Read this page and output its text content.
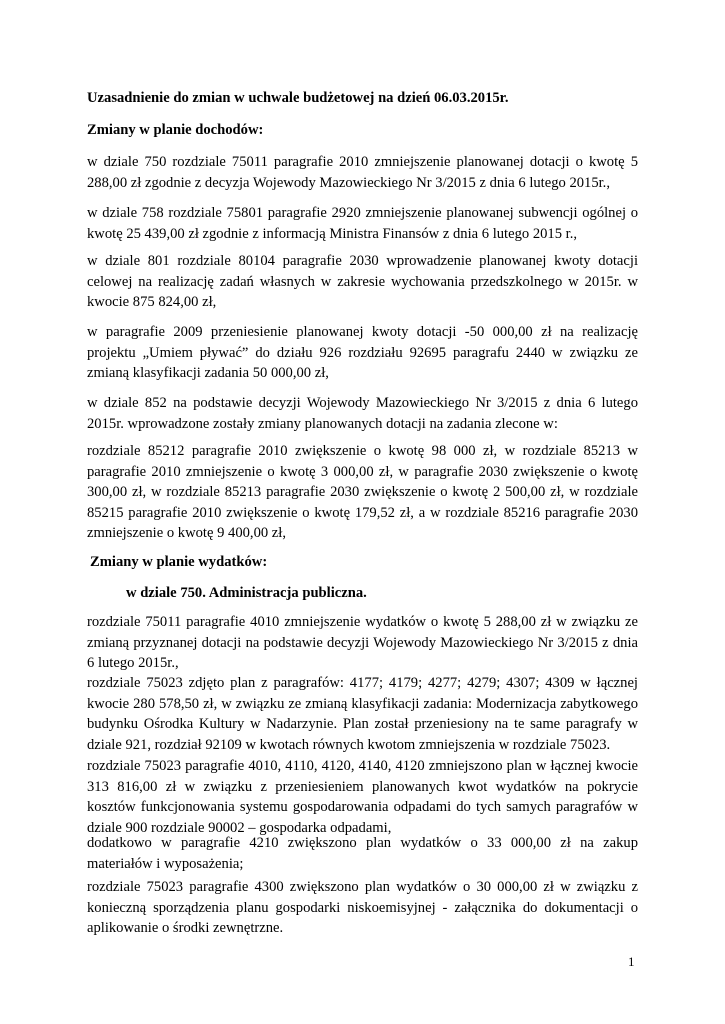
Uzasadnienie do zmian w uchwale budżetowej na dzień 06.03.2015r.

Zmiany w planie dochodów:

w dziale 750 rozdziale 75011 paragrafie 2010 zmniejszenie planowanej dotacji o kwotę 5 288,00 zł zgodnie z decyzja Wojewody Mazowieckiego Nr 3/2015 z dnia 6 lutego 2015r.,

w dziale 758 rozdziale 75801 paragrafie 2920 zmniejszenie planowanej subwencji ogólnej o kwotę 25 439,00 zł zgodnie z informacją Ministra Finansów z dnia 6 lutego 2015 r.,

w dziale 801 rozdziale 80104 paragrafie 2030 wprowadzenie planowanej kwoty dotacji celowej na realizację zadań własnych w zakresie wychowania przedszkolnego w 2015r. w kwocie 875 824,00 zł,

w paragrafie 2009 przeniesienie planowanej kwoty dotacji -50 000,00 zł na realizację projektu „Umiem pływać” do działu 926 rozdziału 92695 paragrafu 2440 w związku ze zmianą klasyfikacji zadania 50 000,00 zł,

w dziale 852 na podstawie decyzji Wojewody Mazowieckiego Nr 3/2015 z dnia 6 lutego 2015r. wprowadzone zostały zmiany planowanych dotacji na zadania zlecone w:

rozdziale 85212 paragrafie 2010 zwiększenie o kwotę 98 000 zł, w rozdziale 85213 w paragrafie 2010 zmniejszenie o kwotę 3 000,00 zł, w paragrafie 2030 zwiększenie o kwotę 300,00 zł, w rozdziale 85213 paragrafie 2030 zwiększenie o kwotę 2 500,00 zł, w rozdziale 85215 paragrafie 2010 zwiększenie o kwotę 179,52 zł, a w rozdziale 85216 paragrafie 2030 zmniejszenie o kwotę 9 400,00 zł,

Zmiany w planie wydatków:

w dziale 750. Administracja publiczna.

rozdziale 75011 paragrafie 4010 zmniejszenie wydatków o kwotę 5 288,00 zł w związku ze zmianą przyznanej dotacji na podstawie decyzji Wojewody Mazowieckiego Nr 3/2015 z dnia 6 lutego 2015r.,

rozdziale 75023 zdjęto plan z paragrafów: 4177; 4179; 4277; 4279; 4307; 4309 w łącznej kwocie 280 578,50 zł, w związku ze zmianą klasyfikacji zadania: Modernizacja zabytkowego budynku Ośrodka Kultury w Nadarzynie. Plan został przeniesiony na te same paragrafy w dziale 921, rozdział 92109 w kwotach równych kwotom zmniejszenia w rozdziale 75023.

rozdziale 75023 paragrafie 4010, 4110, 4120, 4140, 4120 zmniejszono plan w łącznej kwocie 313 816,00 zł w związku z przeniesieniem planowanych kwot wydatków na pokrycie kosztów funkcjonowania systemu gospodarowania odpadami do tych samych paragrafów w dziale 900 rozdziale 90002 – gospodarka odpadami,

dodatkowo w paragrafie 4210 zwiększono plan wydatków o 33 000,00 zł na zakup materiałów i wyposażenia;

rozdziale 75023 paragrafie 4300 zwiększono plan wydatków o 30 000,00 zł w związku z konieczną sporządzenia planu gospodarki niskoemisyjnej - załącznika do dokumentacji o aplikowanie o środki zewnętrzne.

1
